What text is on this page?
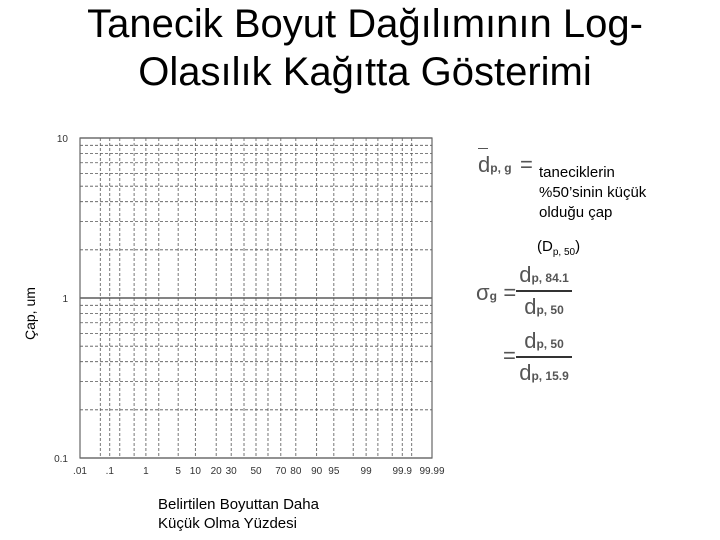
Tanecik Boyut Dağılımının Log-
Olasılık Kağıtta Gösterimi
Çap, um
10
1
0.1
.01 .1	1	5 10 20 30 50 70 80 90 95 99 99.9 99.99
Belirtilen Boyuttan Daha
Küçük Olma Yüzdesi
dp, g = taneciklerin
%50’sinin küçük
olduğu çap
$(D_{p, 50})$
σg =
dp, 84.1
dp, 50
=
dp, 50
dp, 15.9
